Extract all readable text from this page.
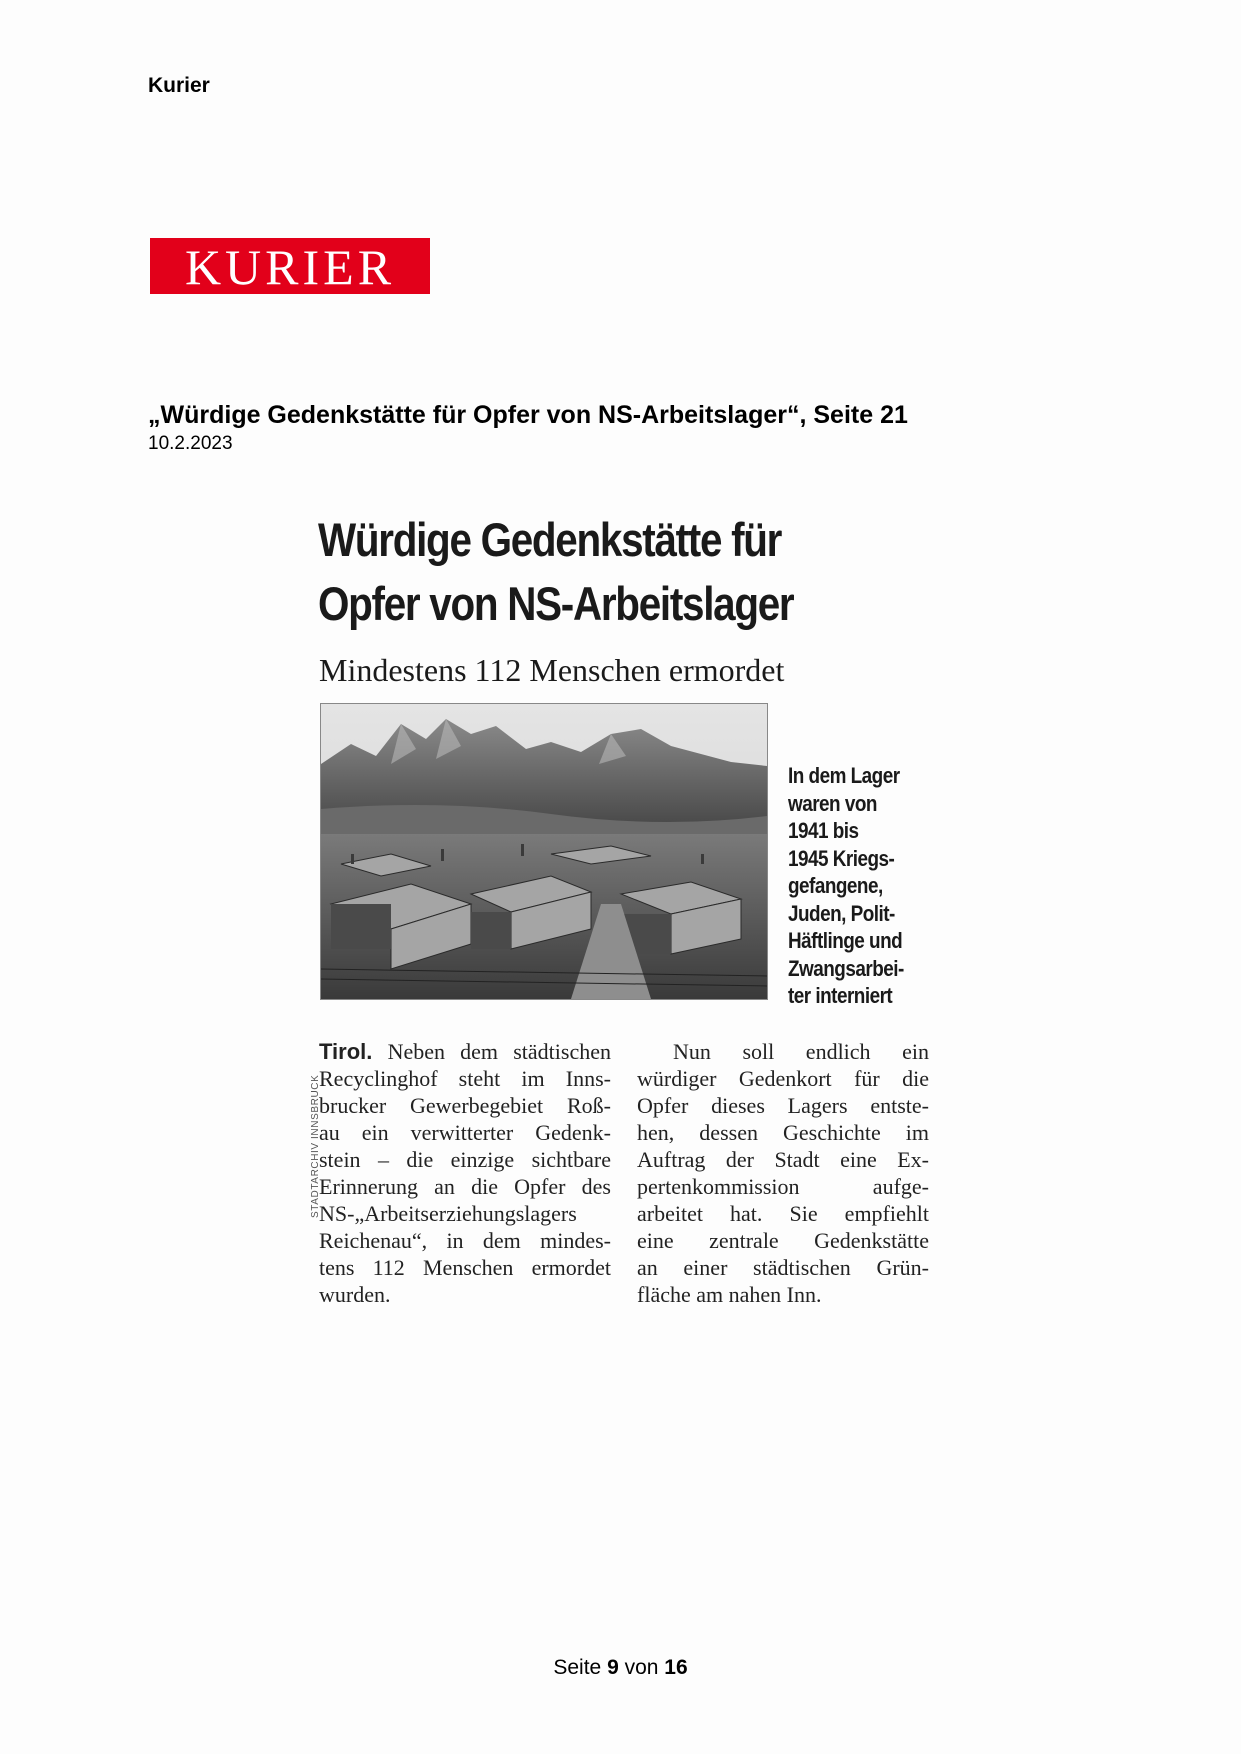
Kurier
KURIER
„Würdige Gedenkstätte für Opfer von NS-Arbeitslager“, Seite 21
10.2.2023
Würdige Gedenkstätte für
Opfer von NS-Arbeitslager
Mindestens 112 Menschen ermordet
STADTARCHIV INNSBRUCK
In dem Lager
waren von
1941 bis
1945 Kriegs-
gefangene,
Juden, Polit-
Häftlinge und
Zwangsarbei-
ter interniert
Tirol. Neben dem städtischen
Recyclinghof steht im Inns-
brucker Gewerbegebiet Roß-
au ein verwitterter Gedenk-
stein – die einzige sichtbare
Erinnerung an die Opfer des
NS-„Arbeitserziehungslagers
Reichenau“, in dem mindes-
tens 112 Menschen ermordet
wurden.
Nun soll endlich ein
würdiger Gedenkort für die
Opfer dieses Lagers entste-
hen, dessen Geschichte im
Auftrag der Stadt eine Ex-
pertenkommission aufge-
arbeitet hat. Sie empfiehlt
eine zentrale Gedenkstätte
an einer städtischen Grün-
fläche am nahen Inn.
Seite 9 von 16
